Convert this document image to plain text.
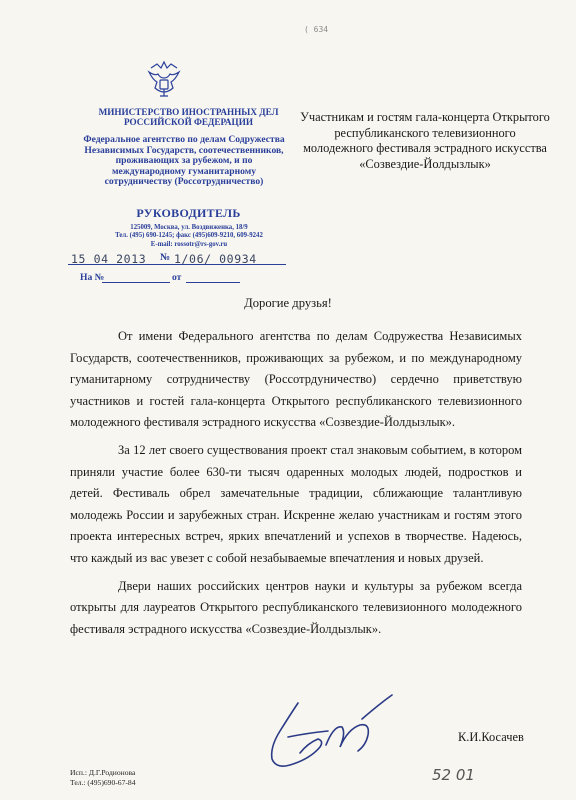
( 634
МИНИСТЕРСТВО ИНОСТРАННЫХ ДЕЛ РОССИЙСКОЙ ФЕДЕРАЦИИ
Федеральное агентство по делам Содружества Независимых Государств, соотечественников, проживающих за рубежом, и по международному гуманитарному сотрудничеству (Россотрудничество)
РУКОВОДИТЕЛЬ
125009, Москва, ул. Воздвиженка, 18/9
Тел. (495) 690-1245; факс (495)609-9210, 609-9242
E-mail: rossotr@rs-gov.ru
15 04 2013 № 1/06/ 00934
На №	от
Участникам и гостям гала-концерта Открытого республиканского телевизионного молодежного фестиваля эстрадного искусства «Созвездие-Йолдызлык»
Дорогие друзья!

От имени Федерального агентства по делам Содружества Независимых Государств, соотечественников, проживающих за рубежом, и по международному гуманитарному сотрудничеству (Россотрдуничество) сердечно приветствую участников и гостей гала-концерта Открытого республиканского телевизионного молодежного фестиваля эстрадного искусства «Созвездие-Йолдызлык».

За 12 лет своего существования проект стал знаковым событием, в котором приняли участие более 630-ти тысяч одаренных молодых людей, подростков и детей. Фестиваль обрел замечательные традиции, сближающие талантливую молодежь России и зарубежных стран. Искренне желаю участникам и гостям этого проекта интересных встреч, ярких впечатлений и успехов в творчестве. Надеюсь, что каждый из вас увезет с собой незабываемые впечатления и новых друзей.

Двери наших российских центров науки и культуры за рубежом всегда открыты для лауреатов Открытого республиканского телевизионного молодежного фестиваля эстрадного искусства «Созвездие-Йолдызлык».

К.И.Косачев
Исп.: Д.Г.Родионова
Тел.: (495)690-67-84	52 01
